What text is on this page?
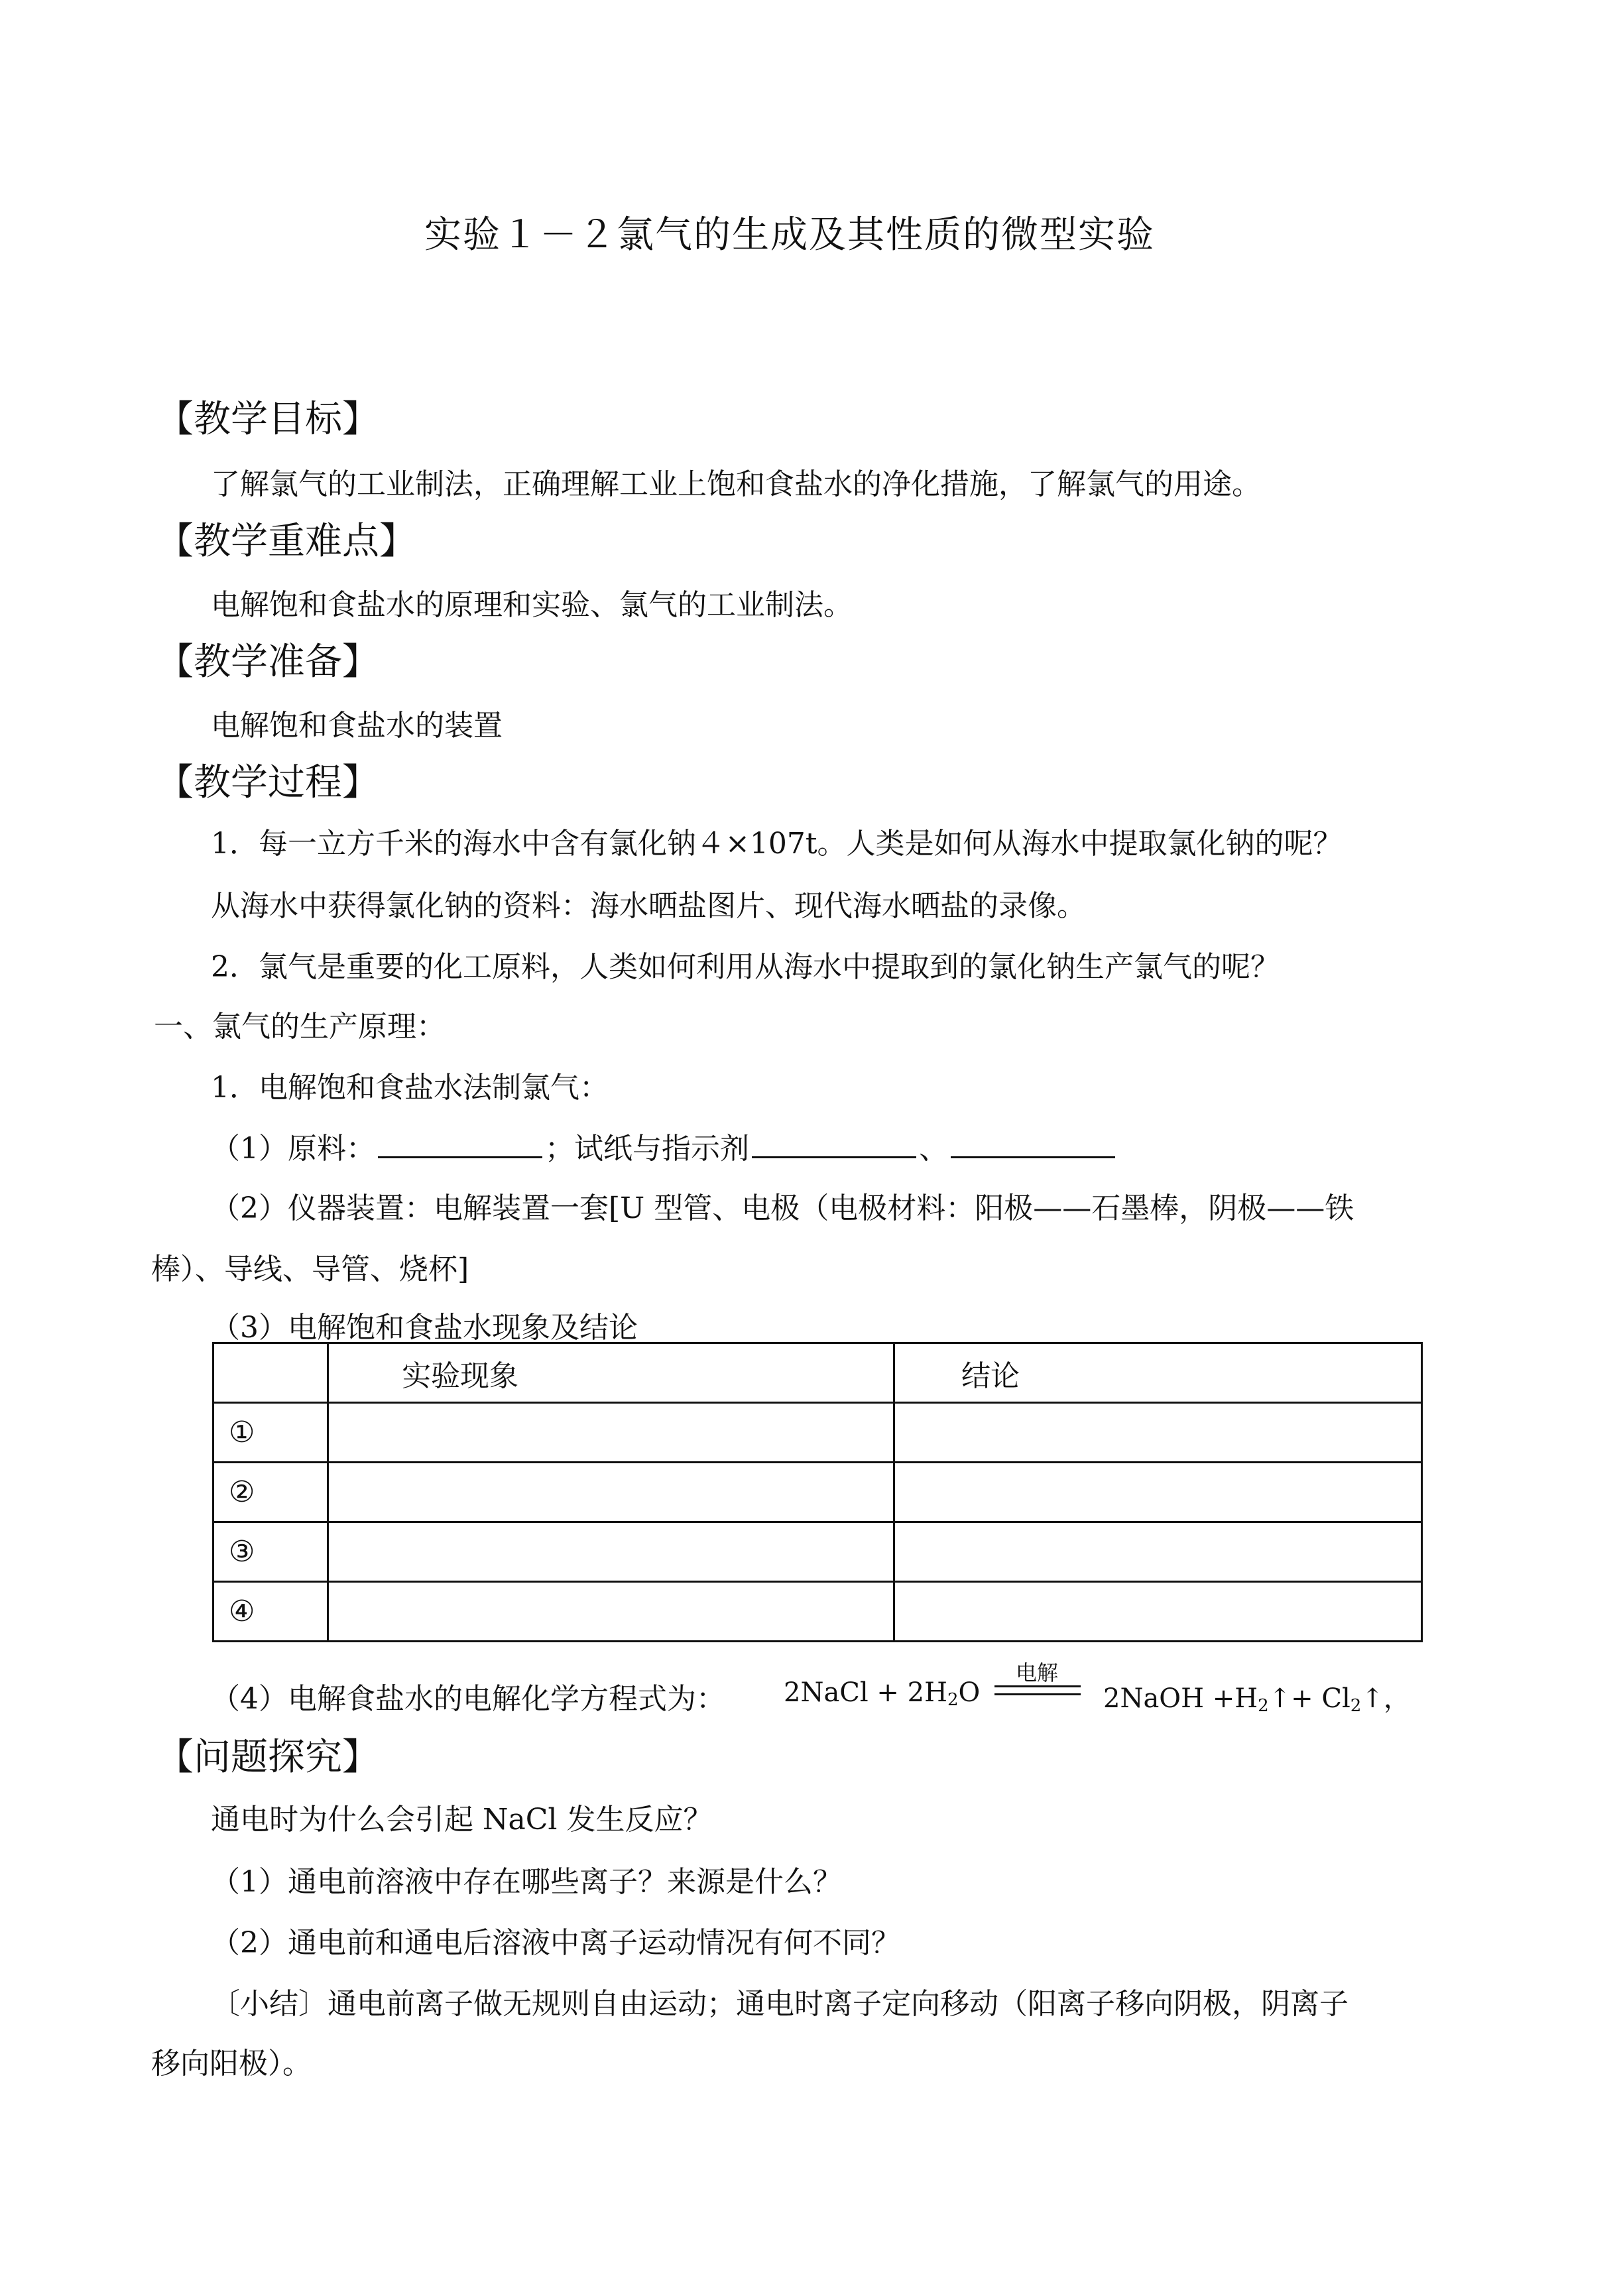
实验１－２氯气的生成及其性质的微型实验
【教学目标】
了解氯气的工业制法，正确理解工业上饱和食盐水的净化措施，了解氯气的用途。
【教学重难点】
电解饱和食盐水的原理和实验、氯气的工业制法。
【教学准备】
电解饱和食盐水的装置
【教学过程】
1．每一立方千米的海水中含有氯化钠４×107t。人类是如何从海水中提取氯化钠的呢？
从海水中获得氯化钠的资料：海水晒盐图片、现代海水晒盐的录像。
2．氯气是重要的化工原料，人类如何利用从海水中提取到的氯化钠生产氯气的呢？
一、氯气的生产原理：
1．电解饱和食盐水法制氯气：
（1）原料：	；试纸与指示剂	、
（2）仪器装置：电解装置一套[U 型管、电极（电极材料：阳极——石墨棒，阴极——铁
棒）、导线、导管、烧杯]
（3）电解饱和食盐水现象及结论
	实验现象	结论
①		
②		
③		
④		
（4）电解食盐水的电解化学方程式为： 2NaCl + $2H_2O$
电解
2NaOH $+H_2↑+$ $Cl_2↑$，
【问题探究】
通电时为什么会引起 NaCl 发生反应？
（1）通电前溶液中存在哪些离子？来源是什么？
（2）通电前和通电后溶液中离子运动情况有何不同？
〔小结〕通电前离子做无规则自由运动；通电时离子定向移动（阳离子移向阴极，阴离子
移向阳极）。
